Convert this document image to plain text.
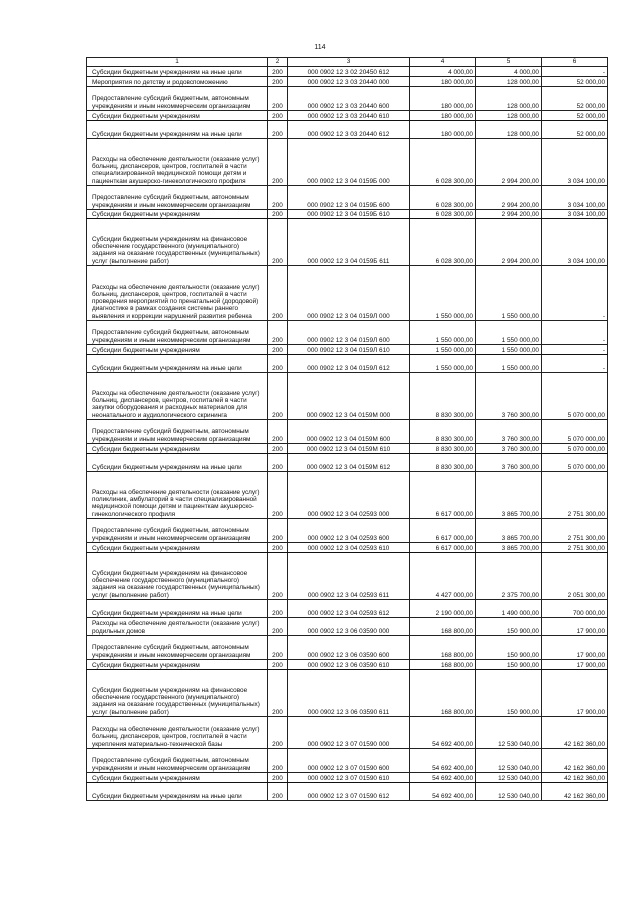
114
1	2	3	4	5	6
Субсидии бюджетным учреждениям на иные цели	200	000 0902 12 3 02 20450 612	4 000,00	4 000,00	-
Мероприятия по детству и родовспоможению	200	000 0902 12 3 03 20440 000	180 000,00	128 000,00	52 000,00
Предоставление субсидий бюджетным, автономным учреждениям и иным некоммерческим организациям	200	000 0902 12 3 03 20440 600	180 000,00	128 000,00	52 000,00
Субсидии бюджетным учреждениям	200	000 0902 12 3 03 20440 610	180 000,00	128 000,00	52 000,00
Субсидии бюджетным учреждениям на иные цели	200	000 0902 12 3 03 20440 612	180 000,00	128 000,00	52 000,00
Расходы на обеспечение деятельности (оказание услуг) больниц, диспансеров, центров, госпиталей в части специализированной медицинской помощи детям и пациенткам акушерско-гинекологического профиля	200	000 0902 12 3 04 0159Б 000	6 028 300,00	2 994 200,00	3 034 100,00
Предоставление субсидий бюджетным, автономным учреждениям и иным некоммерческим организациям	200	000 0902 12 3 04 0159Б 600	6 028 300,00	2 994 200,00	3 034 100,00
Субсидии бюджетным учреждениям	200	000 0902 12 3 04 0159Б 610	6 028 300,00	2 994 200,00	3 034 100,00
Субсидии бюджетным учреждениям на финансовое обеспечение государственного (муниципального) задания на оказание государственных (муниципальных) услуг (выполнение работ)	200	000 0902 12 3 04 0159Б 611	6 028 300,00	2 994 200,00	3 034 100,00
Расходы на обеспечение деятельности (оказание услуг) больниц, диспансеров, центров, госпиталей в части проведения мероприятий по пренатальной (дородовой) диагностике в рамках создания системы раннего выявления и коррекции нарушений развития ребенка	200	000 0902 12 3 04 0159Л 000	1 550 000,00	1 550 000,00	-
Предоставление субсидий бюджетным, автономным учреждениям и иным некоммерческим организациям	200	000 0902 12 3 04 0159Л 600	1 550 000,00	1 550 000,00	-
Субсидии бюджетным учреждениям	200	000 0902 12 3 04 0159Л 610	1 550 000,00	1 550 000,00	-
Субсидии бюджетным учреждениям на иные цели	200	000 0902 12 3 04 0159Л 612	1 550 000,00	1 550 000,00	-
Расходы на обеспечение деятельности (оказание услуг) больниц, диспансеров, центров, госпиталей в части закупки оборудования и расходных материалов для неонатального и аудиологического скрининга	200	000 0902 12 3 04 0159М 000	8 830 300,00	3 760 300,00	5 070 000,00
Предоставление субсидий бюджетным, автономным учреждениям и иным некоммерческим организациям	200	000 0902 12 3 04 0159М 600	8 830 300,00	3 760 300,00	5 070 000,00
Субсидии бюджетным учреждениям	200	000 0902 12 3 04 0159М 610	8 830 300,00	3 760 300,00	5 070 000,00
Субсидии бюджетным учреждениям на иные цели	200	000 0902 12 3 04 0159М 612	8 830 300,00	3 760 300,00	5 070 000,00
Расходы на обеспечение деятельности (оказание услуг) поликлиник, амбулаторий в части специализированной медицинской помощи детям и пациенткам акушерско-гинекологического профиля	200	000 0902 12 3 04 02593 000	6 617 000,00	3 865 700,00	2 751 300,00
Предоставление субсидий бюджетным, автономным учреждениям и иным некоммерческим организациям	200	000 0902 12 3 04 02593 600	6 617 000,00	3 865 700,00	2 751 300,00
Субсидии бюджетным учреждениям	200	000 0902 12 3 04 02593 610	6 617 000,00	3 865 700,00	2 751 300,00
Субсидии бюджетным учреждениям на финансовое обеспечение государственного (муниципального) задания на оказание государственных (муниципальных) услуг (выполнение работ)	200	000 0902 12 3 04 02593 611	4 427 000,00	2 375 700,00	2 051 300,00
Субсидии бюджетным учреждениям на иные цели	200	000 0902 12 3 04 02593 612	2 190 000,00	1 490 000,00	700 000,00
Расходы на обеспечение деятельности (оказание услуг) родильных домов	200	000 0902 12 3 06 03590 000	168 800,00	150 900,00	17 900,00
Предоставление субсидий бюджетным, автономным учреждениям и иным некоммерческим организациям	200	000 0902 12 3 06 03590 600	168 800,00	150 900,00	17 900,00
Субсидии бюджетным учреждениям	200	000 0902 12 3 06 03590 610	168 800,00	150 900,00	17 900,00
Субсидии бюджетным учреждениям на финансовое обеспечение государственного (муниципального) задания на оказание государственных (муниципальных) услуг (выполнение работ)	200	000 0902 12 3 06 03590 611	168 800,00	150 900,00	17 900,00
Расходы на обеспечение деятельности (оказание услуг) больниц, диспансеров, центров, госпиталей в части укрепления материально-технической базы	200	000 0902 12 3 07 01590 000	54 692 400,00	12 530 040,00	42 162 360,00
Предоставление субсидий бюджетным, автономным учреждениям и иным некоммерческим организациям	200	000 0902 12 3 07 01590 600	54 692 400,00	12 530 040,00	42 162 360,00
Субсидии бюджетным учреждениям	200	000 0902 12 3 07 01590 610	54 692 400,00	12 530 040,00	42 162 360,00
Субсидии бюджетным учреждениям на иные цели	200	000 0902 12 3 07 01590 612	54 692 400,00	12 530 040,00	42 162 360,00
